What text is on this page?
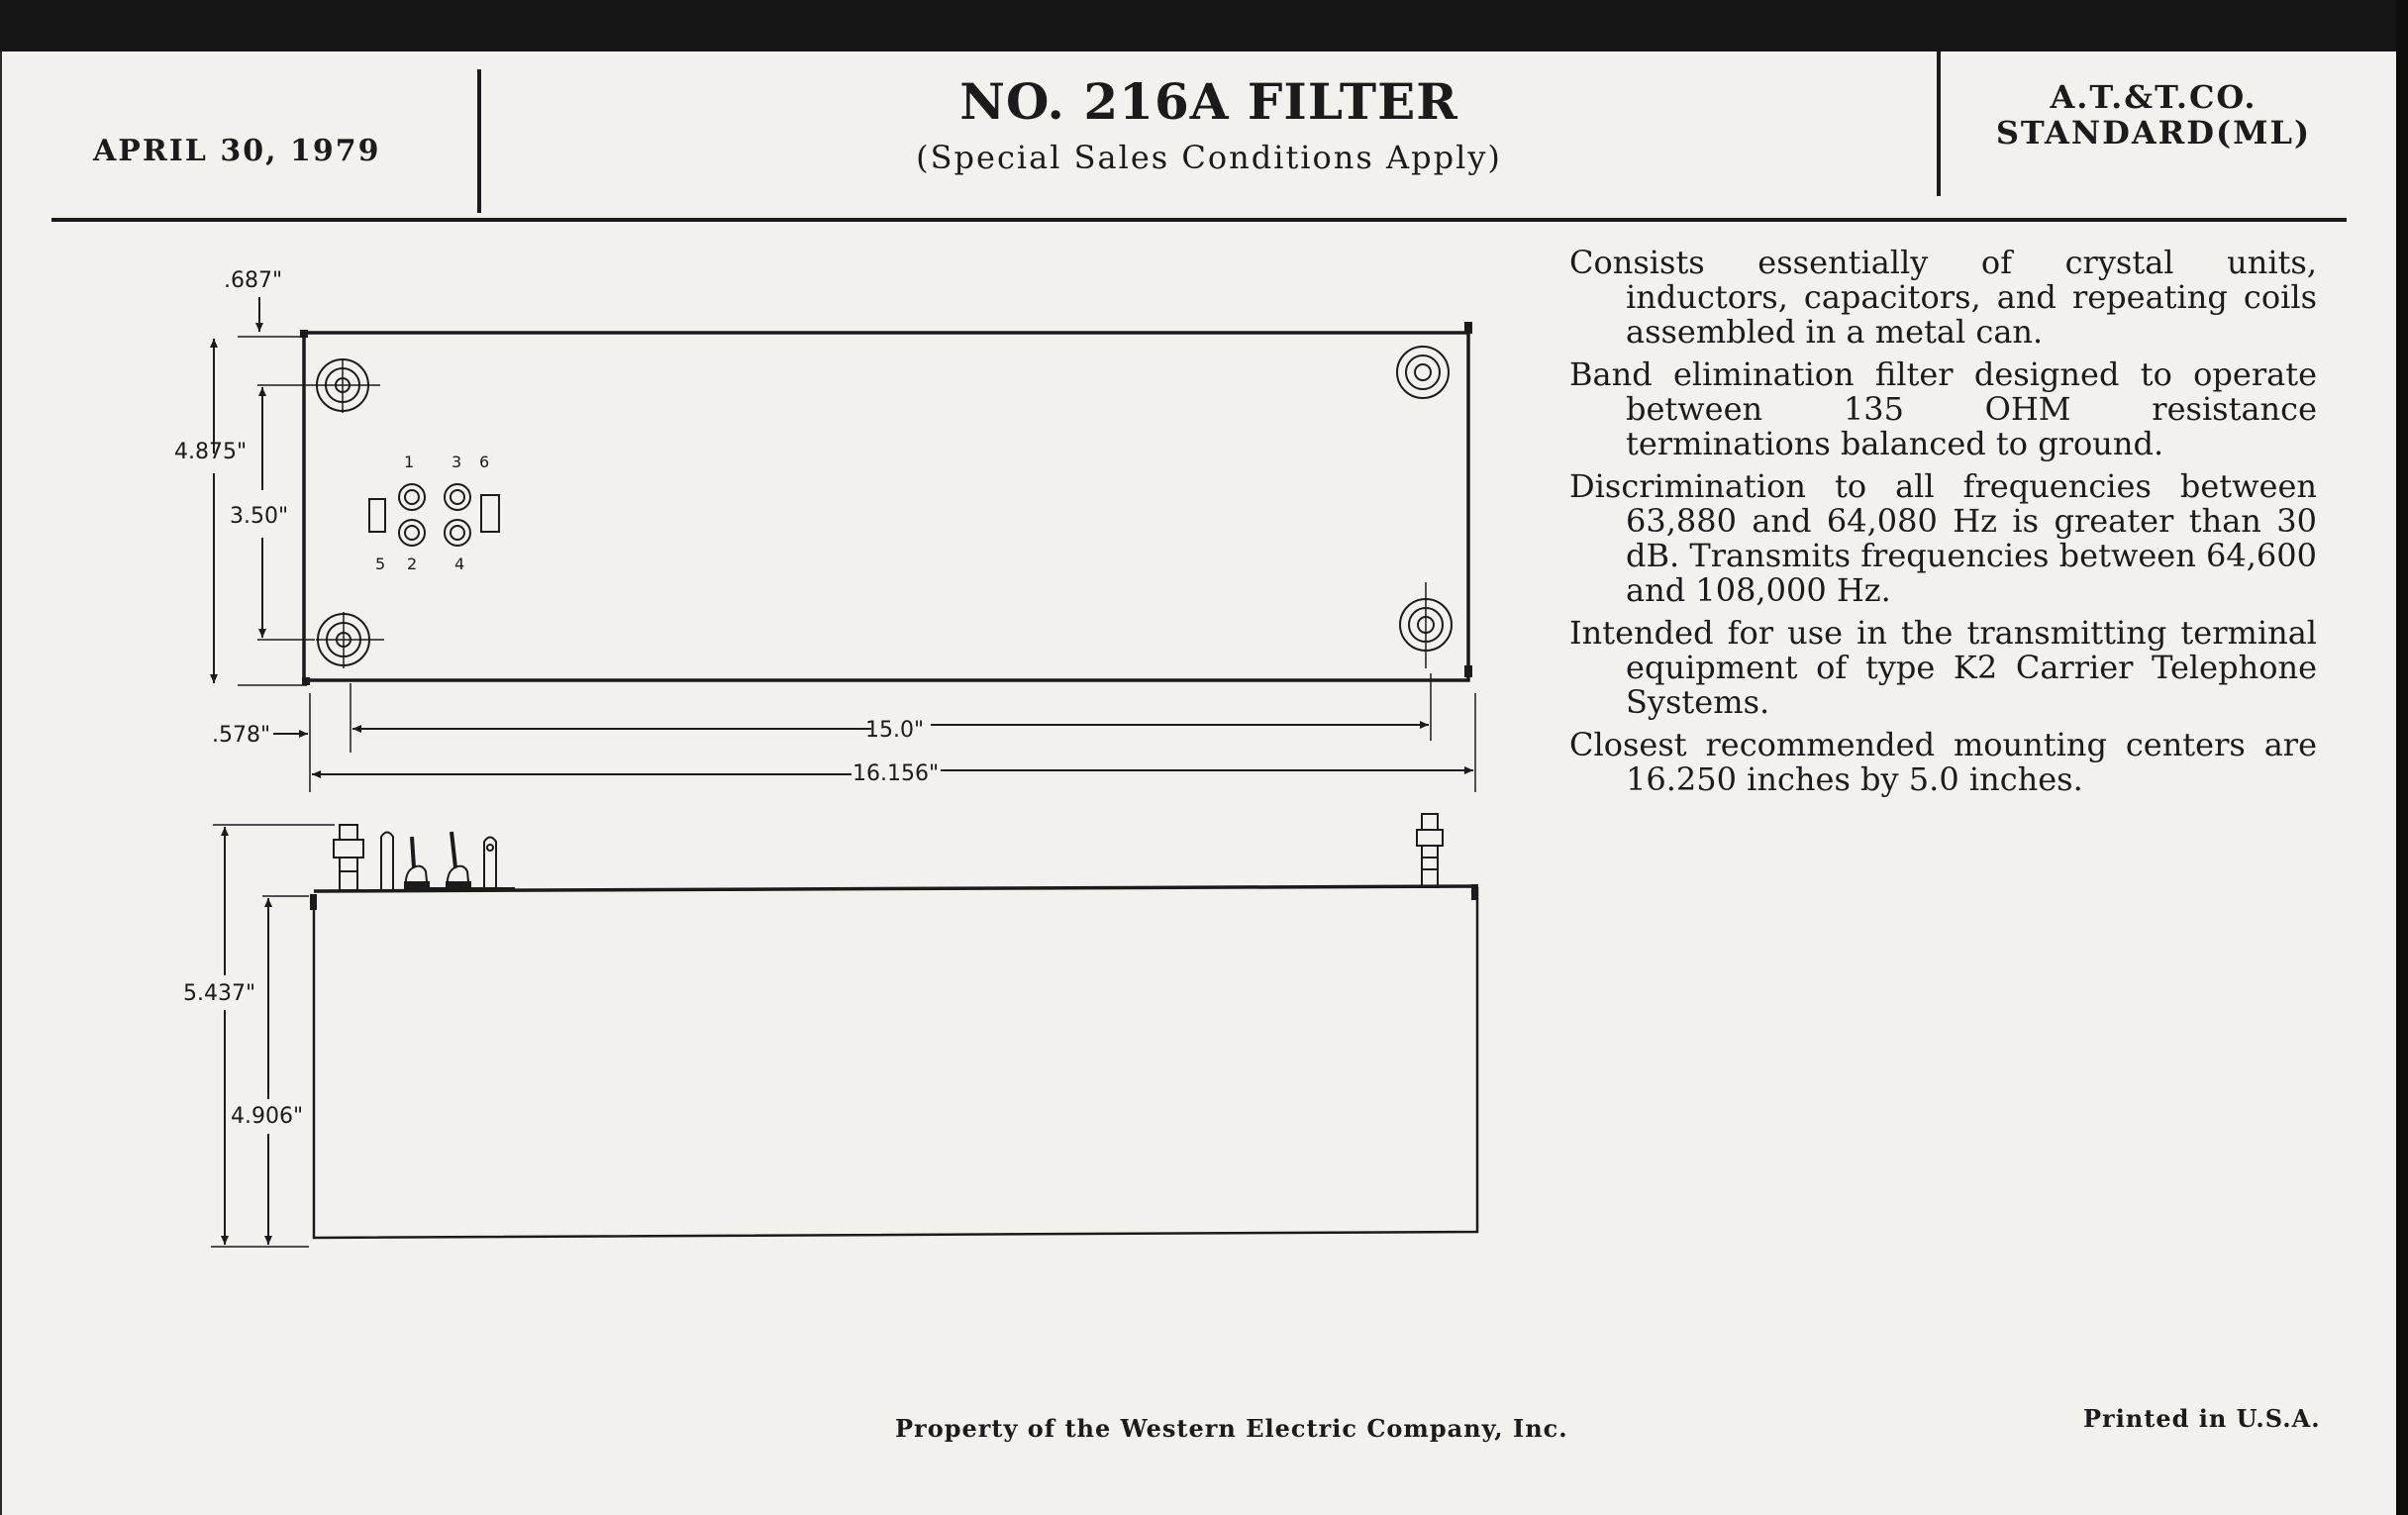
APRIL 30, 1979
NO. 216A FILTER
(Special Sales Conditions Apply)
A.T.&T.CO.
STANDARD(ML)
.687"
4.875"
3.50"
.578"	15.0"
16.156"
5.437"
4.906"
1 3 6
5 2 4
Consists essentially of crystal units, inductors, capacitors, and repeating coils assembled in a metal can.
Band elimination filter designed to operate between 135 OHM resistance terminations balanced to ground.
Discrimination to all frequencies between 63,880 and 64,080 Hz is greater than 30 dB. Transmits frequencies between 64,600 and 108,000 Hz.
Intended for use in the transmitting terminal equipment of type K2 Carrier Telephone Systems.
Closest recommended mounting centers are 16.250 inches by 5.0 inches.
Property of the Western Electric Company, Inc.	Printed in U.S.A.
